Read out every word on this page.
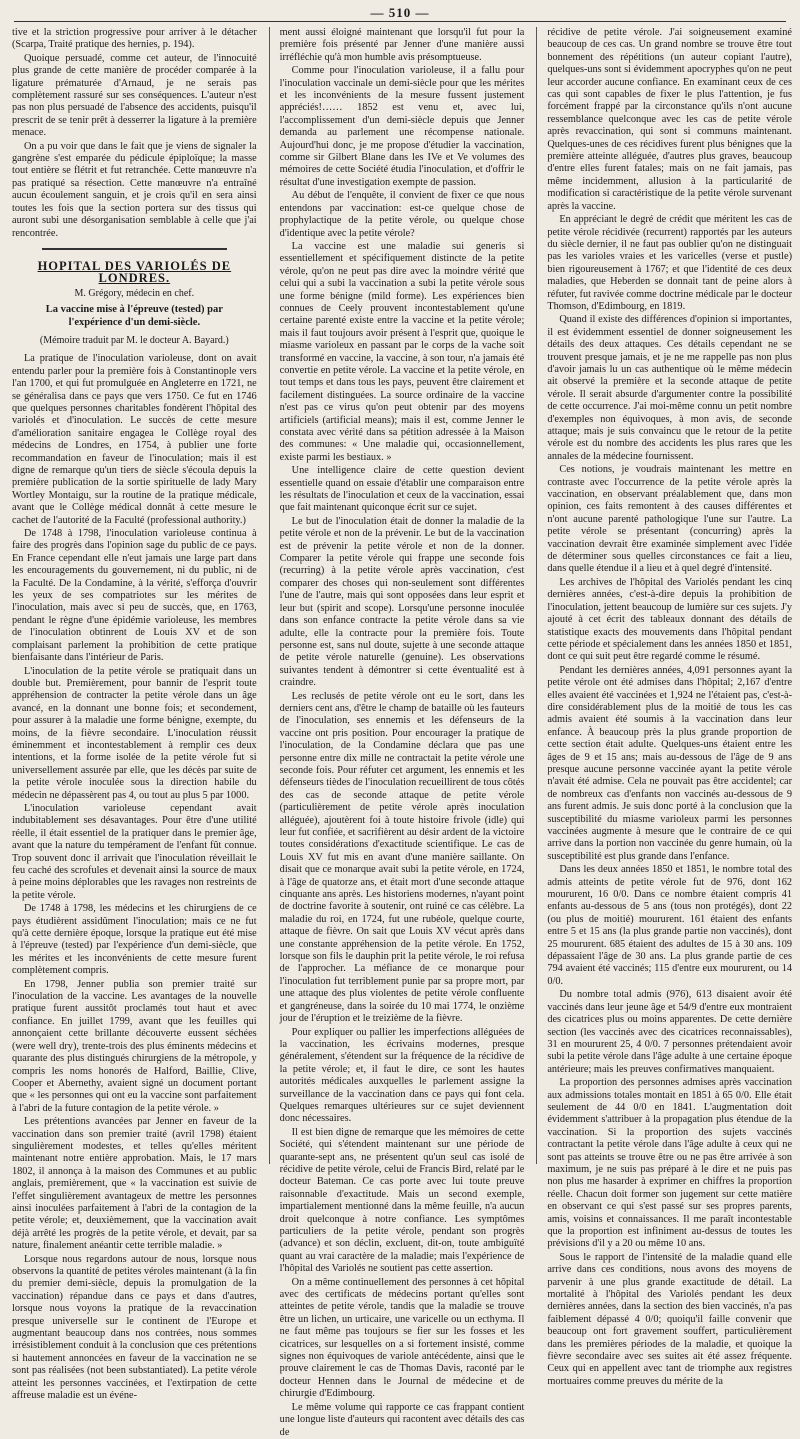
$_{— 510 —}$

tive et la striction progressive pour arriver à le détacher (Scarpa, Traité pratique des hernies, p. 194).

Quoique persuadé, comme cet auteur, de l'innocuité plus grande de cette manière de procéder comparée à la ligature prématurée d'Arnaud, je ne serais pas complètement rassuré sur ses conséquences. L'auteur n'est pas non plus persuadé de l'absence des accidents, puisqu'il prescrit de se tenir prêt à desserrer la ligature à la première menace.

On a pu voir que dans le fait que je viens de signaler la gangrène s'est emparée du pédicule épiploïque; la masse tout entière se flétrit et fut retranchée. Cette manœuvre n'a pas pratiqué sa résection. Cette manœuvre n'a entraîné aucun écoulement sanguin, et je crois qu'il en sera ainsi toutes les fois que la section portera sur des tissus qui auront subi une désorganisation semblable à celle que j'ai rencontrée.

HOPITAL DES VARIOLÉS DE LONDRES.
M. Grégory, médecin en chef.
La vaccine mise à l'épreuve (tested) par l'expérience d'un demi-siècle.
(Mémoire traduit par M. le docteur A. Bayard.)

La pratique de l'inoculation varioleuse, dont on avait entendu parler pour la première fois à Constantinople vers l'an 1700, et qui fut promulguée en Angleterre en 1721, ne se généralisa dans ce pays que vers 1750. Ce fut en 1746 que quelques personnes charitables fondèrent l'hôpital des variolés et d'inoculation. Le succès de cette mesure d'amélioration sanitaire engagea le Collège royal des médecins de Londres, en 1754, à publier une forte recommandation en faveur de l'inoculation; mais il est digne de remarque qu'un tiers de siècle s'écoula depuis la première publication de la sortie spirituelle de lady Mary Wortley Montaigu, sur la routine de la pratique médicale, avant que le Collège médical donnât à cette mesure le cachet de l'autorité de la Faculté (professional authority.)

De 1748 à 1798, l'inoculation varioleuse continua à faire des progrès dans l'opinion sage du public de ce pays. En France cependant elle n'eut jamais une large part dans les encouragements du gouvernement, ni du public, ni de la Faculté. De la Condamine, à la vérité, s'efforça d'ouvrir les yeux de ses compatriotes sur les mérites de l'inoculation, mais avec si peu de succès, que, en 1763, pendant le règne d'une épidémie varioleuse, les membres de l'inoculation obtinrent de Louis XV et de son complaisant parlement la prohibition de cette pratique bienfaisante dans l'intérieur de Paris.

L'inoculation de la petite vérole se pratiquait dans un double but. Premièrement, pour bannir de l'esprit toute appréhension de contracter la petite vérole dans un âge avancé, en la donnant une bonne fois; et secondement, pour assurer à la maladie une forme bénigne, exempte, du moins, de la fièvre secondaire. L'inoculation réussit éminemment et incontestablement à remplir ces deux intentions, et la forme isolée de la petite vérole fut si universellement assurée par elle, que les décès par suite de la petite vérole inoculée sous la direction habile du médecin ne dépassèrent pas 4, ou tout au plus 5 par 1000.

L'inoculation varioleuse cependant avait indubitablement ses désavantages. Pour être d'une utilité réelle, il était essentiel de la pratiquer dans le premier âge, avant que la nature du tempérament de l'enfant fût connue. Trop souvent donc il arrivait que l'inoculation réveillait le feu caché des scrofules et devenait ainsi la source de maux à peine moins déplorables que les ravages non restreints de la petite vérole.

De 1748 à 1798, les médecins et les chirurgiens de ce pays étudièrent assidûment l'inoculation; mais ce ne fut qu'à cette dernière époque, lorsque la pratique eut été mise à l'épreuve (tested) par l'expérience d'un demi-siècle, que les mérites et les inconvénients de cette mesure furent complètement compris.

En 1798, Jenner publia son premier traité sur l'inoculation de la vaccine. Les avantages de la nouvelle pratique furent aussitôt proclamés tout haut et avec confiance. En juillet 1799, avant que les feuilles qui annonçaient cette brillante découverte eussent séchées (were well dry), trente-trois des plus éminents médecins et quarante des plus distingués chirurgiens de la métropole, y compris les noms honorés de Halford, Baillie, Clive, Cooper et Abernethy, avaient signé un document portant que « les personnes qui ont eu la vaccine sont parfaitement à l'abri de la future contagion de la petite vérole. »

Les prétentions avancées par Jenner en faveur de la vaccination dans son premier traité (avril 1798) étaient singulièrement modestes, et telles qu'elles méritent maintenant notre entière approbation. Mais, le 17 mars 1802, il annonça à la maison des Communes et au public anglais, premièrement, que « la vaccination est suivie de l'effet singulièrement avantageux de mettre les personnes ainsi inoculées parfaitement à l'abri de la contagion de la petite vérole; et, deuxièmement, que la vaccination avait déjà arrêté les progrès de la petite vérole, et devait, par sa nature, finalement anéantir cette terrible maladie. »

Lorsque nous regardons autour de nous, lorsque nous observons la quantité de petites véroles maintenant (à la fin du premier demi-siècle, depuis la promulgation de la vaccination) répandue dans ce pays et dans d'autres, lorsque nous voyons la pratique de la revaccination presque universelle sur le continent de l'Europe et augmentant beaucoup dans nos contrées, nous sommes irrésistiblement conduit à la conclusion que ces prétentions si hautement annoncées en faveur de la vaccination ne se sont pas réalisées (not been substantiated). La petite vérole atteint les personnes vaccinées, et l'extirpation de cette affreuse maladie est un événe-

ment aussi éloigné maintenant que lorsqu'il fut pour la première fois présenté par Jenner d'une manière aussi irréfléchie qu'à mon humble avis présomptueuse.

Comme pour l'inoculation varioleuse, il a fallu pour l'inoculation vaccinale un demi-siècle pour que les mérites et les inconvénients de la mesure fussent justement appréciés!…… 1852 est venu et, avec lui, l'accomplissement d'un demi-siècle depuis que Jenner demanda au parlement une récompense nationale. Aujourd'hui donc, je me propose d'étudier la vaccination, comme sir Gilbert Blane dans les IVe et Ve volumes des mémoires de cette Société étudia l'inoculation, et d'offrir le résultat d'une investigation exempte de passion.

Au début de l'enquête, il convient de fixer ce que nous entendons par vaccination: est-ce quelque chose de prophylactique de la petite vérole, ou quelque chose d'identique avec la petite vérole?

La vaccine est une maladie sui generis si essentiellement et spécifiquement distincte de la petite vérole, qu'on ne peut pas dire avec la moindre vérité que celui qui a subi la vaccination a subi la petite vérole sous une forme bénigne (mild forme). Les expériences bien connues de Ceely prouvent incontestablement qu'une certaine parenté existe entre la vaccine et la petite vérole; mais il faut toujours avoir présent à l'esprit que, quoique le miasme varioleux en passant par le corps de la vache soit transformé en vaccine, la vaccine, à son tour, n'a jamais été convertie en petite vérole. La vaccine et la petite vérole, en tout temps et dans tous les pays, peuvent être clairement et facilement distinguées. La source ordinaire de la vaccine n'est pas ce virus qu'on peut obtenir par des moyens artificiels (artificial means); mais il est, comme Jenner le constata avec vérité dans sa pétition adressée à la Maison des communes: « Une maladie qui, occasionnellement, existe parmi les bestiaux. »

Une intelligence claire de cette question devient essentielle quand on essaie d'établir une comparaison entre les résultats de l'inoculation et ceux de la vaccination, essai que fait maintenant quiconque écrit sur ce sujet.

Le but de l'inoculation était de donner la maladie de la petite vérole et non de la prévenir. Le but de la vaccination est de prévenir la petite vérole et non de la donner. Comparer la petite vérole qui frappe une seconde fois (recurring) à la petite vérole après vaccination, c'est comparer des choses qui non-seulement sont différentes l'une de l'autre, mais qui sont opposées dans leur esprit et leur but (spirit and scope). Lorsqu'une personne inoculée dans son enfance contracte la petite vérole dans sa vie adulte, elle la contracte pour la première fois. Toute personne est, sans nul doute, sujette à une seconde attaque de petite vérole naturelle (genuine). Les observations suivantes tendent à démontrer si cette éventualité est à craindre.

Les reclusés de petite vérole ont eu le sort, dans les derniers cent ans, d'être le champ de bataille où les fauteurs de l'inoculation, ses ennemis et les défenseurs de la vaccine ont pris position. Pour encourager la pratique de l'inoculation, de la Condamine déclara que pas une personne entre dix mille ne contractait la petite vérole une seconde fois. Pour réfuter cet argument, les ennemis et les défenseurs tièdes de l'inoculation recueillirent de tous côtés des cas de seconde attaque de petite vérole (particulièrement de petite vérole après inoculation alléguée), ajoutèrent foi à toute histoire frivole (idle) qui leur fut confiée, et sacrifièrent au désir ardent de la victoire toutes considérations d'exactitude scientifique. Le cas de Louis XV fut mis en avant d'une manière saillante. On disait que ce monarque avait subi la petite vérole, en 1724, à l'âge de quatorze ans, et était mort d'une seconde attaque cinquante ans après. Les historiens modernes, n'ayant point de doctrine favorite à soutenir, ont ruiné ce cas célèbre. La maladie du roi, en 1724, fut une rubéole, quelque courte, attaque de fièvre. On sait que Louis XV vécut après dans une constante appréhension de la petite vérole. En 1752, lorsque son fils le dauphin prit la petite vérole, le roi refusa de l'approcher. La méfiance de ce monarque pour l'inoculation fut terriblement punie par sa propre mort, par une attaque des plus violentes de petite vérole confluente et gangréneuse, dans la soirée du 10 mai 1774, le onzième jour de l'éruption et le treizième de la fièvre.

Pour expliquer ou pallier les imperfections alléguées de la vaccination, les écrivains modernes, presque généralement, s'étendent sur la fréquence de la récidive de la petite vérole; et, il faut le dire, ce sont les hautes autorités médicales auxquelles le parlement assigne la surveillance de la vaccination dans ce pays qui font cela. Quelques remarques ultérieures sur ce sujet deviennent donc nécessaires.

Il est bien digne de remarque que les mémoires de cette Société, qui s'étendent maintenant sur une période de quarante-sept ans, ne présentent qu'un seul cas isolé de récidive de petite vérole, celui de Francis Bird, relaté par le docteur Bateman. Ce cas porte avec lui toute preuve raisonnable d'exactitude. Mais un second exemple, impartialement mentionné dans la même feuille, n'a aucun droit quelconque à notre confiance. Les symptômes particuliers de la petite vérole, pendant son progrès (advance) et son déclin, excluent, dit-on, toute ambiguïté quant au vrai caractère de la maladie; mais l'expérience de l'hôpital des Variolés ne soutient pas cette assertion.

On a même continuellement des personnes à cet hôpital avec des certificats de médecins portant qu'elles sont atteintes de petite vérole, tandis que la maladie se trouve être un lichen, un urticaire, une varicelle ou un ecthyma. Il ne faut même pas toujours se fier sur les fosses et les cicatrices, sur lesquelles on a si fortement insisté, comme signes non équivoques de variole antécédente, ainsi que le prouve clairement le cas de Thomas Davis, raconté par le docteur Hennen dans le Journal de médecine et de chirurgie d'Edimbourg.

Le même volume qui rapporte ce cas frappant contient une longue liste d'auteurs qui racontent avec détails des cas de

récidive de petite vérole. J'ai soigneusement examiné beaucoup de ces cas. Un grand nombre se trouve être tout bonnement des répétitions (un auteur copiant l'autre), quelques-uns sont si évidemment apocryphes qu'on ne peut leur accorder aucune confiance. En examinant ceux de ces cas qui sont capables de fixer le plus l'attention, je fus forcément frappé par la circonstance qu'ils n'ont aucune ressemblance quelconque avec les cas de petite vérole après revaccination, qui sont si communs maintenant. Quelques-unes de ces récidives furent plus bénignes que la première atteinte alléguée, d'autres plus graves, beaucoup d'entre elles furent fatales; mais on ne fait jamais, pas même incidemment, allusion à la particularité de modification si caractéristique de la petite vérole survenant après la vaccine.

En appréciant le degré de crédit que méritent les cas de petite vérole récidivée (recurrent) rapportés par les auteurs du siècle dernier, il ne faut pas oublier qu'on ne distinguait pas les varioles vraies et les varicelles (verse et pustle) bien rigoureusement à 1767; et que l'identité de ces deux maladies, que Heberden se donnait tant de peine alors à réfuter, fut ravivée comme doctrine médicale par le docteur Thomson, d'Edimbourg, en 1819.

Quand il existe des différences d'opinion si importantes, il est évidemment essentiel de donner soigneusement les détails des deux attaques. Ces détails cependant ne se trouvent presque jamais, et je ne me rappelle pas non plus d'avoir jamais lu un cas authentique où le même médecin ait observé la première et la seconde attaque de petite vérole. Il serait absurde d'argumenter contre la possibilité de cette occurrence. J'ai moi-même connu un petit nombre d'exemples non équivoques, à mon avis, de seconde attaque; mais je suis convaincu que le retour de la petite vérole est du nombre des accidents les plus rares que les annales de la médecine fournissent.

Ces notions, je voudrais maintenant les mettre en contraste avec l'occurrence de la petite vérole après la vaccination, en observant préalablement que, dans mon opinion, ces faits remontent à des causes différentes et n'ont aucune parenté pathologique l'une sur l'autre. La petite vérole se présentant (concurring) après la vaccination devrait être examinée simplement avec l'idée de déterminer sous quelles circonstances ce fait a lieu, dans quelle étendue il a lieu et à quel degré d'intensité.

Les archives de l'hôpital des Variolés pendant les cinq dernières années, c'est-à-dire depuis la prohibition de l'inoculation, jettent beaucoup de lumière sur ces sujets. J'y ajouté à cet écrit des tableaux donnant des détails de statistique exacts des mouvements dans l'hôpital pendant cette période et spécialement dans les années 1850 et 1851, dont ce qui suit peut être regardé comme le résumé.

Pendant les dernières années, 4,091 personnes ayant la petite vérole ont été admises dans l'hôpital; 2,167 d'entre elles avaient été vaccinées et 1,924 ne l'étaient pas, c'est-à-dire considérablement plus de la moitié de tous les cas admis avaient été soumis à la vaccination dans leur enfance. À beaucoup près la plus grande proportion de cette section était adulte. Quelques-uns étaient entre les âges de 9 et 15 ans; mais au-dessous de l'âge de 9 ans presque aucune personne vaccinée ayant la petite vérole n'avait été admise. Cela ne pouvait pas être accidentel; car de nombreux cas d'enfants non vaccinés au-dessous de 9 ans furent admis. Je suis donc porté à la conclusion que la susceptibilité du miasme varioleux parmi les personnes vaccinées augmente à mesure que le contraire de ce qui arrive dans la portion non vaccinée du genre humain, où la susceptibilité est plus grande dans l'enfance.

Dans les deux années 1850 et 1851, le nombre total des admis atteints de petite vérole fut de 976, dont 162 moururent, 16 0/0. Dans ce nombre étaient compris 41 enfants au-dessous de 5 ans (tous non protégés), dont 22 (ou plus de moitié) moururent. 161 étaient des enfants entre 5 et 15 ans (la plus grande partie non vaccinés), dont 25 moururent. 685 étaient des adultes de 15 à 30 ans. 109 dépassaient l'âge de 30 ans. La plus grande partie de ces 794 avaient été vaccinés; 115 d'entre eux moururent, ou 14 0/0.

Du nombre total admis (976), 613 disaient avoir été vaccinés dans leur jeune âge et 54/9 d'entre eux montraient des cicatrices plus ou moins apparentes. De cette dernière section (les vaccinés avec des cicatrices reconnaissables), 31 en moururent 25, 4 0/0. 7 personnes prétendaient avoir subi la petite vérole dans l'âge adulte à une certaine époque antérieure; mais les preuves confirmatives manquaient.

La proportion des personnes admises après vaccination aux admissions totales montait en 1851 à 65 0/0. Elle était seulement de 44 0/0 en 1841. L'augmentation doit évidemment s'attribuer à la propagation plus étendue de la vaccination. Si la proportion des sujets vaccinés contractant la petite vérole dans l'âge adulte à ceux qui ne sont pas atteints se trouve être ou ne pas être arrivée à son maximum, je ne suis pas préparé à le dire et ne puis pas non plus me hasarder à exprimer en chiffres la proportion réelle. Chacun doit former son jugement sur cette matière en observant ce qui s'est passé sur ses propres parents, amis, voisins et connaissances. Il me paraît incontestable que la proportion est infiniment au-dessus de toutes les prévisions d'il y a 20 ou même 10 ans.

Sous le rapport de l'intensité de la maladie quand elle arrive dans ces conditions, nous avons des moyens de parvenir à une plus grande exactitude de détail. La mortalité à l'hôpital des Variolés pendant les deux dernières années, dans la section des bien vaccinés, n'a pas faiblement dépassé 4 0/0; quoiqu'il faille convenir que beaucoup ont fort gravement souffert, particulièrement dans les premières périodes de la maladie, et quoique la fièvre secondaire avec ses suites ait été assez fréquente. Ceux qui en appellent avec tant de triomphe aux registres mortuaires comme preuves du mérite de la
